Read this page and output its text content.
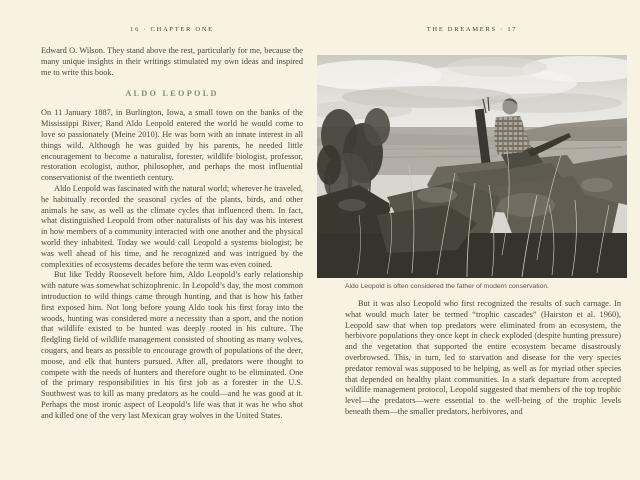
16 · CHAPTER ONE	THE DREAMERS · 17

Edward O. Wilson. They stand above the rest, particularly for me, because the many unique insights in their writings stimulated my own ideas and inspired me to write this book.

ALDO LEOPOLD

On 11 January 1887, in Burlington, Iowa, a small town on the banks of the Mississippi River, Rand Aldo Leopold entered the world he would come to love so passionately (Meine 2010). He was born with an innate interest in all things wild. Although he was guided by his parents, he needed little encouragement to become a naturalist, forester, wildlife biologist, professor, restoration ecologist, author, philosopher, and perhaps the most influential conservationist of the twentieth century.

Aldo Leopold was fascinated with the natural world; wherever he traveled, he habitually recorded the seasonal cycles of the plants, birds, and other animals he saw, as well as the climate cycles that influenced them. In fact, what distinguished Leopold from other naturalists of his day was his interest in how members of a community interacted with one another and the physical world they inhabited. Today we would call Leopold a systems biologist; he was well ahead of his time, and he recognized and was intrigued by the complexities of ecosystems decades before the term was even coined.

But like Teddy Roosevelt before him, Aldo Leopold’s early relationship with nature was somewhat schizophrenic. In Leopold’s day, the most common introduction to wild things came through hunting, and that is how his father first exposed him. Not long before young Aldo took his first foray into the woods, hunting was considered more a necessity than a sport, and the notion that wildlife existed to be hunted was deeply rooted in his culture. The fledgling field of wildlife management consisted of shooting as many wolves, cougars, and bears as possible to encourage growth of populations of the deer, moose, and elk that hunters pursued. After all, predators were thought to compete with the needs of hunters and therefore ought to be eliminated. One of the primary responsibilities in his first job as a forester in the U.S. Southwest was to kill as many predators as he could—and he was good at it. Perhaps the most ironic aspect of Leopold’s life was that it was he who shot and killed one of the very last Mexican gray wolves in the United States.

Aldo Leopold is often considered the father of modern conservation.

But it was also Leopold who first recognized the results of such carnage. In what would much later be termed “trophic cascades” (Hairston et al. 1960), Leopold saw that when top predators were eliminated from an ecosystem, the herbivore populations they once kept in check exploded (despite hunting pressure) and the vegetation that supported the entire ecosystem became disastrously overbrowsed. This, in turn, led to starvation and disease for the very species predator removal was supposed to be helping, as well as for myriad other species that depended on healthy plant communities. In a stark departure from accepted wildlife management protocol, Leopold suggested that members of the top trophic level—the predators—were essential to the well-being of the trophic levels beneath them—the smaller predators, herbivores, and
